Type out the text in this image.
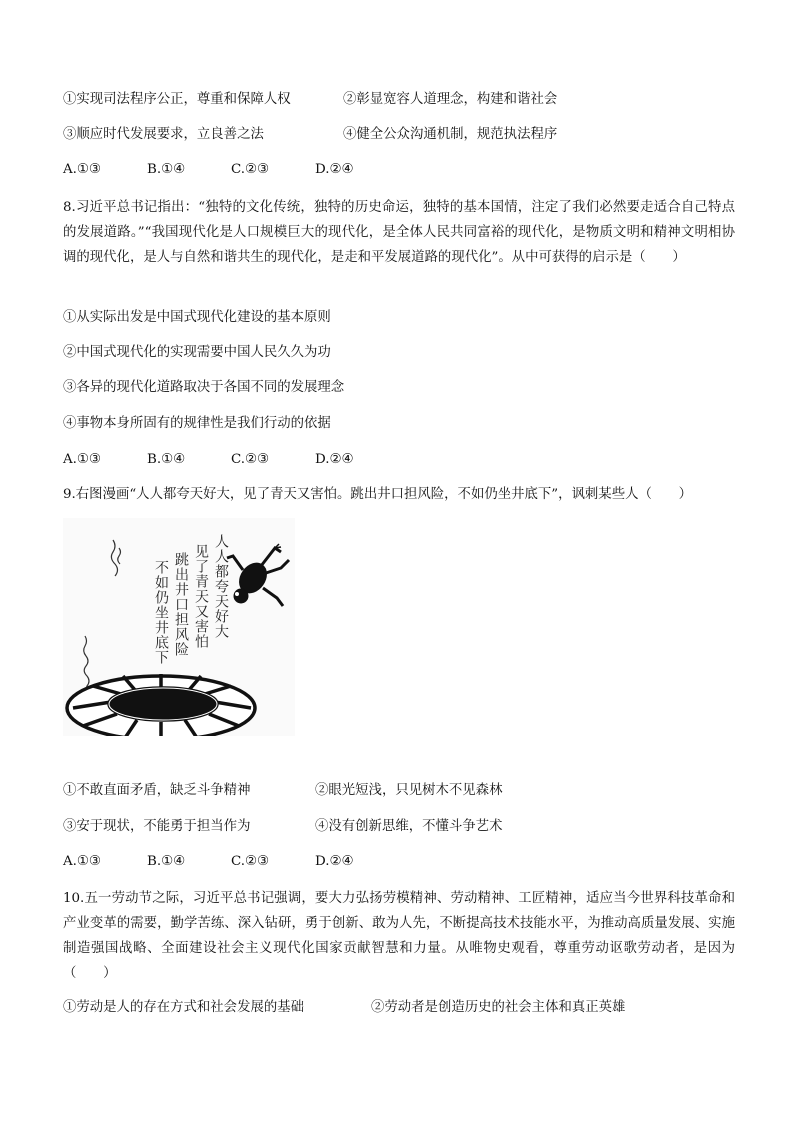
①实现司法程序公正，尊重和保障人权	②彰显宽容人道理念，构建和谐社会
③顺应时代发展要求，立良善之法	④健全公众沟通机制，规范执法程序
A.①③	B.①④	C.②③	D.②④
8.习近平总书记指出：“独特的文化传统，独特的历史命运，独特的基本国情，注定了我们必然要走适合自己特点的发展道路。”“我国现代化是人口规模巨大的现代化，是全体人民共同富裕的现代化，是物质文明和精神文明相协调的现代化，是人与自然和谐共生的现代化，是走和平发展道路的现代化”。从中可获得的启示是（　　）
①从实际出发是中国式现代化建设的基本原则
②中国式现代化的实现需要中国人民久久为功
③各异的现代化道路取决于各国不同的发展理念
④事物本身所固有的规律性是我们行动的依据
A.①③	B.①④	C.②③	D.②④
9.右图漫画“人人都夸天好大，见了青天又害怕。跳出井口担风险，不如仍坐井底下”，讽刺某些人（　　）
人人都夸天好大
见了青天又害怕
跳出井口担风险
不如仍坐井底下
①不敢直面矛盾，缺乏斗争精神	②眼光短浅，只见树木不见森林
③安于现状，不能勇于担当作为	④没有创新思维，不懂斗争艺术
A.①③	B.①④	C.②③	D.②④
10.五一劳动节之际，习近平总书记强调，要大力弘扬劳模精神、劳动精神、工匠精神，适应当今世界科技革命和产业变革的需要，勤学苦练、深入钻研，勇于创新、敢为人先，不断提高技术技能水平，为推动高质量发展、实施制造强国战略、全面建设社会主义现代化国家贡献智慧和力量。从唯物史观看，尊重劳动讴歌劳动者，是因为（　　）
①劳动是人的存在方式和社会发展的基础	②劳动者是创造历史的社会主体和真正英雄
